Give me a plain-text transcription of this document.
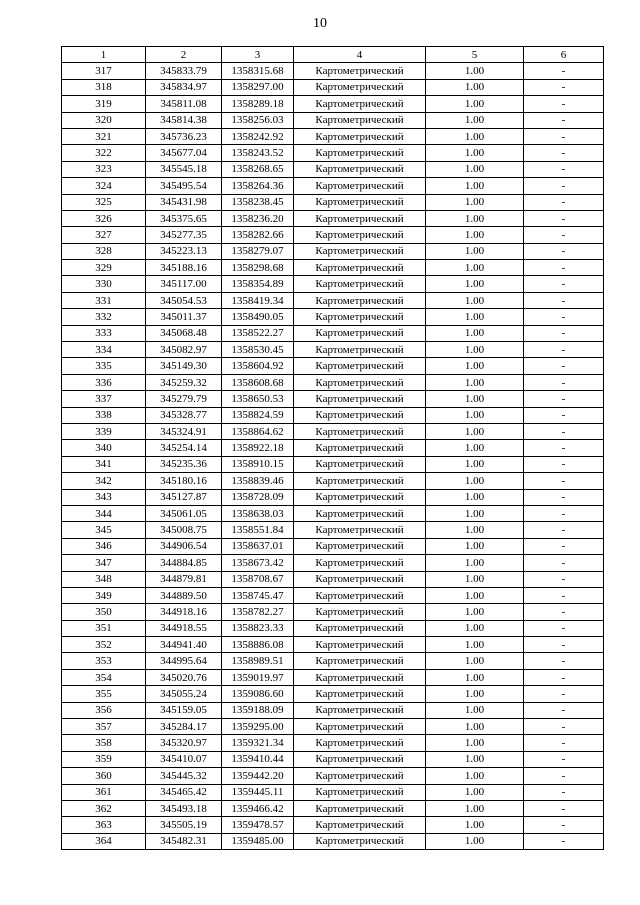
10
1	2	3	4	5	6
317	345833.79	1358315.68	Картометрический	1.00	-
318	345834.97	1358297.00	Картометрический	1.00	-
319	345811.08	1358289.18	Картометрический	1.00	-
320	345814.38	1358256.03	Картометрический	1.00	-
321	345736.23	1358242.92	Картометрический	1.00	-
322	345677.04	1358243.52	Картометрический	1.00	-
323	345545.18	1358268.65	Картометрический	1.00	-
324	345495.54	1358264.36	Картометрический	1.00	-
325	345431.98	1358238.45	Картометрический	1.00	-
326	345375.65	1358236.20	Картометрический	1.00	-
327	345277.35	1358282.66	Картометрический	1.00	-
328	345223.13	1358279.07	Картометрический	1.00	-
329	345188.16	1358298.68	Картометрический	1.00	-
330	345117.00	1358354.89	Картометрический	1.00	-
331	345054.53	1358419.34	Картометрический	1.00	-
332	345011.37	1358490.05	Картометрический	1.00	-
333	345068.48	1358522.27	Картометрический	1.00	-
334	345082.97	1358530.45	Картометрический	1.00	-
335	345149.30	1358604.92	Картометрический	1.00	-
336	345259.32	1358608.68	Картометрический	1.00	-
337	345279.79	1358650.53	Картометрический	1.00	-
338	345328.77	1358824.59	Картометрический	1.00	-
339	345324.91	1358864.62	Картометрический	1.00	-
340	345254.14	1358922.18	Картометрический	1.00	-
341	345235.36	1358910.15	Картометрический	1.00	-
342	345180.16	1358839.46	Картометрический	1.00	-
343	345127.87	1358728.09	Картометрический	1.00	-
344	345061.05	1358638.03	Картометрический	1.00	-
345	345008.75	1358551.84	Картометрический	1.00	-
346	344906.54	1358637.01	Картометрический	1.00	-
347	344884.85	1358673.42	Картометрический	1.00	-
348	344879.81	1358708.67	Картометрический	1.00	-
349	344889.50	1358745.47	Картометрический	1.00	-
350	344918.16	1358782.27	Картометрический	1.00	-
351	344918.55	1358823.33	Картометрический	1.00	-
352	344941.40	1358886.08	Картометрический	1.00	-
353	344995.64	1358989.51	Картометрический	1.00	-
354	345020.76	1359019.97	Картометрический	1.00	-
355	345055.24	1359086.60	Картометрический	1.00	-
356	345159.05	1359188.09	Картометрический	1.00	-
357	345284.17	1359295.00	Картометрический	1.00	-
358	345320.97	1359321.34	Картометрический	1.00	-
359	345410.07	1359410.44	Картометрический	1.00	-
360	345445.32	1359442.20	Картометрический	1.00	-
361	345465.42	1359445.11	Картометрический	1.00	-
362	345493.18	1359466.42	Картометрический	1.00	-
363	345505.19	1359478.57	Картометрический	1.00	-
364	345482.31	1359485.00	Картометрический	1.00	-
